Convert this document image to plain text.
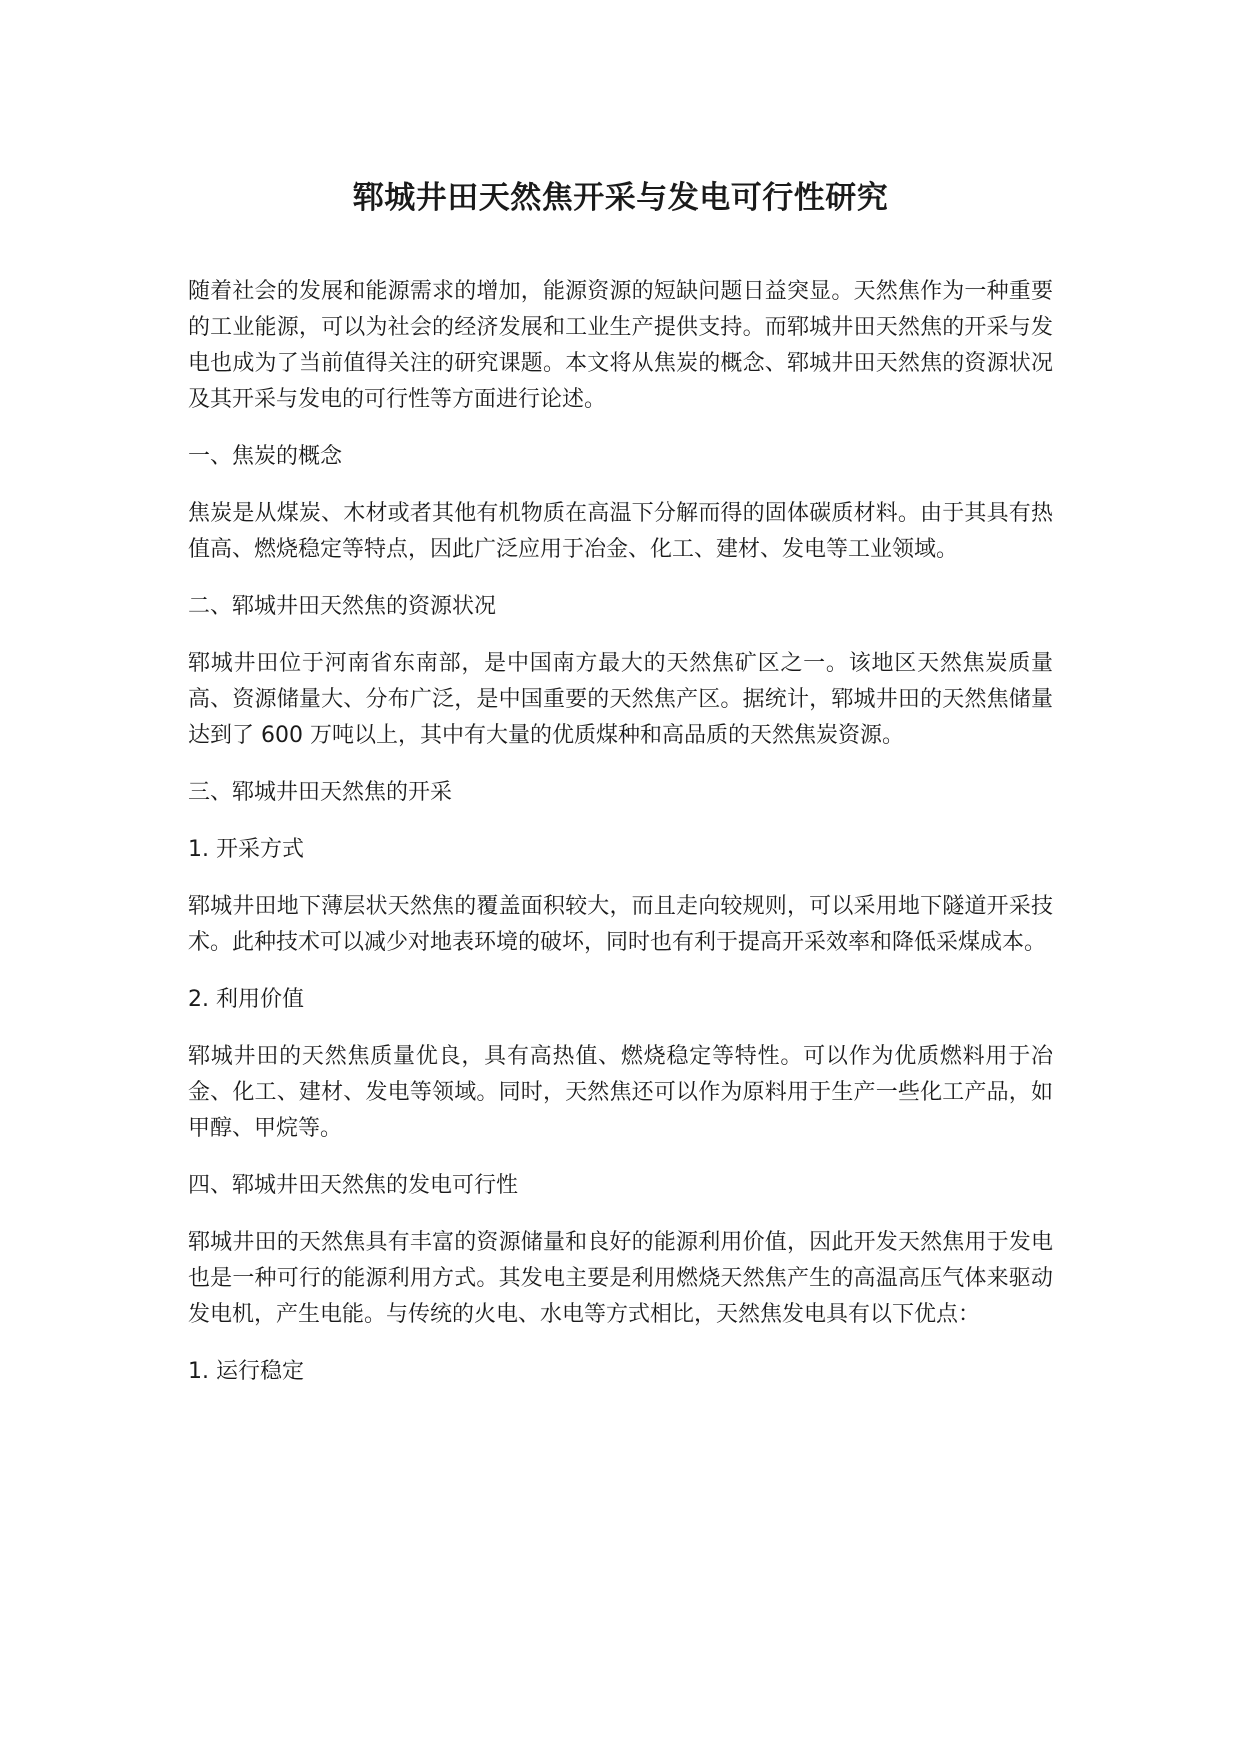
郓城井田天然焦开采与发电可行性研究

随着社会的发展和能源需求的增加，能源资源的短缺问题日益突显。天然焦作为一种重要的工业能源，可以为社会的经济发展和工业生产提供支持。而郓城井田天然焦的开采与发电也成为了当前值得关注的研究课题。本文将从焦炭的概念、郓城井田天然焦的资源状况及其开采与发电的可行性等方面进行论述。

一、焦炭的概念

焦炭是从煤炭、木材或者其他有机物质在高温下分解而得的固体碳质材料。由于其具有热值高、燃烧稳定等特点，因此广泛应用于冶金、化工、建材、发电等工业领域。

二、郓城井田天然焦的资源状况

郓城井田位于河南省东南部，是中国南方最大的天然焦矿区之一。该地区天然焦炭质量高、资源储量大、分布广泛，是中国重要的天然焦产区。据统计，郓城井田的天然焦储量达到了 600 万吨以上，其中有大量的优质煤种和高品质的天然焦炭资源。

三、郓城井田天然焦的开采

1. 开采方式

郓城井田地下薄层状天然焦的覆盖面积较大，而且走向较规则，可以采用地下隧道开采技术。此种技术可以减少对地表环境的破坏，同时也有利于提高开采效率和降低采煤成本。

2. 利用价值

郓城井田的天然焦质量优良，具有高热值、燃烧稳定等特性。可以作为优质燃料用于冶金、化工、建材、发电等领域。同时，天然焦还可以作为原料用于生产一些化工产品，如甲醇、甲烷等。

四、郓城井田天然焦的发电可行性

郓城井田的天然焦具有丰富的资源储量和良好的能源利用价值，因此开发天然焦用于发电也是一种可行的能源利用方式。其发电主要是利用燃烧天然焦产生的高温高压气体来驱动发电机，产生电能。与传统的火电、水电等方式相比，天然焦发电具有以下优点：

1. 运行稳定
